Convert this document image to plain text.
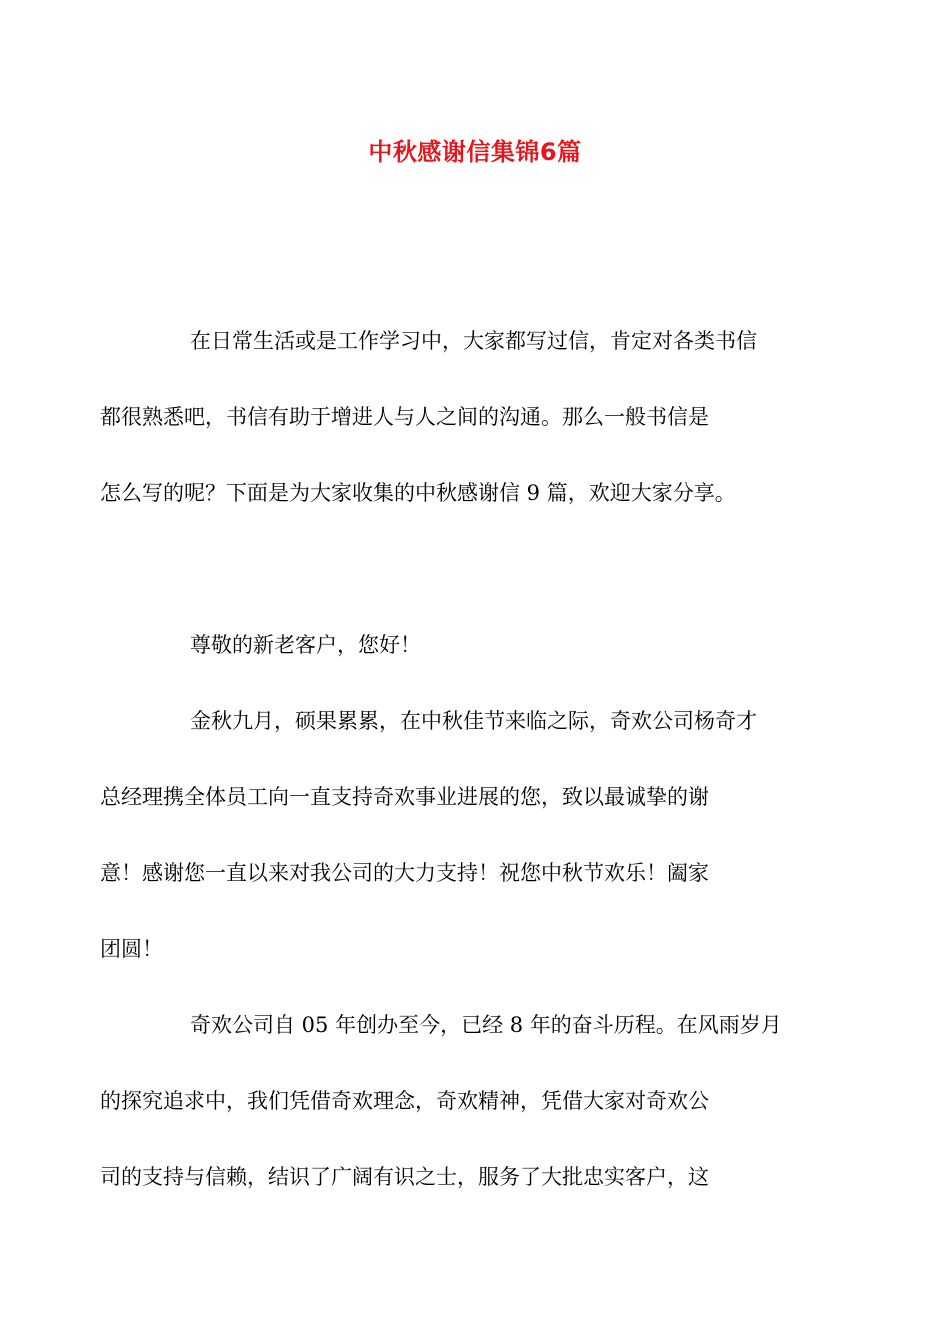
中秋感谢信集锦6篇

在日常生活或是工作学习中，大家都写过信，肯定对各类书信
都很熟悉吧，书信有助于增进人与人之间的沟通。那么一般书信是
怎么写的呢？下面是为大家收集的中秋感谢信 9 篇，欢迎大家分享。

尊敬的新老客户，您好！

金秋九月，硕果累累，在中秋佳节来临之际，奇欢公司杨奇才
总经理携全体员工向一直支持奇欢事业进展的您，致以最诚挚的谢
意！感谢您一直以来对我公司的大力支持！祝您中秋节欢乐！阖家
团圆！

奇欢公司自 05 年创办至今，已经 8 年的奋斗历程。在风雨岁月
的探究追求中，我们凭借奇欢理念，奇欢精神，凭借大家对奇欢公
司的支持与信赖，结识了广阔有识之士，服务了大批忠实客户，这
